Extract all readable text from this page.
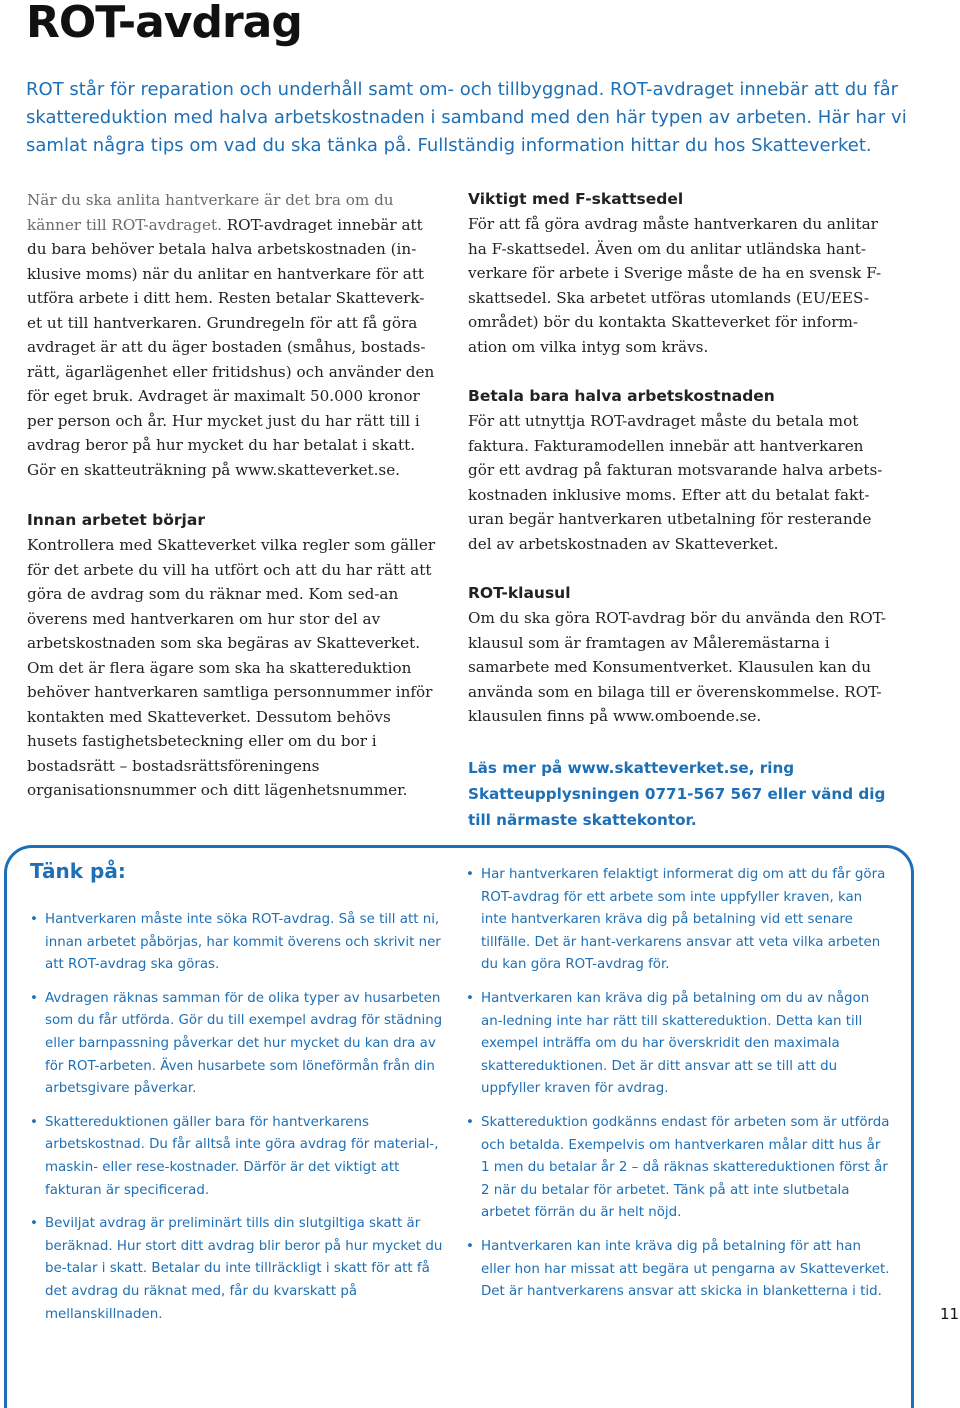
ROT-avdrag
ROT står för reparation och underhåll samt om- och tillbyggnad. ROT-avdraget innebär att du får skattereduktion med halva arbetskostnaden i samband med den här typen av arbeten. Här har vi samlat några tips om vad du ska tänka på. Fullständig information hittar du hos Skatteverket.

När du ska anlita hantverkare är det bra om du känner till ROT-avdraget. ROT-avdraget innebär att du bara behöver betala halva arbetskostnaden (in-klusive moms) när du anlitar en hantverkare för att utföra arbete i ditt hem. Resten betalar Skatteverk-et ut till hantverkaren. Grundregeln för att få göra avdraget är att du äger bostaden (småhus, bostads-rätt, ägarlägenhet eller fritidshus) och använder den för eget bruk. Avdraget är maximalt 50.000 kronor per person och år. Hur mycket just du har rätt till i avdrag beror på hur mycket du har betalat i skatt. Gör en skatteuträkning på www.skatteverket.se.

Innan arbetet börjar

Kontrollera med Skatteverket vilka regler som gäller för det arbete du vill ha utfört och att du har rätt att göra de avdrag som du räknar med. Kom sed-an överens med hantverkaren om hur stor del av arbetskostnaden som ska begäras av Skatteverket. Om det är flera ägare som ska ha skattereduktion behöver hantverkaren samtliga personnummer inför kontakten med Skatteverket. Dessutom behövs husets fastighetsbeteckning eller om du bor i bostadsrätt – bostadsrättsföreningens organisationsnummer och ditt lägenhetsnummer.

Viktigt med F-skattsedel

För att få göra avdrag måste hantverkaren du anlitar ha F-skattsedel. Även om du anlitar utländska hant-verkare för arbete i Sverige måste de ha en svensk F-skattsedel. Ska arbetet utföras utomlands (EU/EES-området) bör du kontakta Skatteverket för inform-ation om vilka intyg som krävs.

Betala bara halva arbetskostnaden

För att utnyttja ROT-avdraget måste du betala mot faktura. Fakturamodellen innebär att hantverkaren gör ett avdrag på fakturan motsvarande halva arbets-kostnaden inklusive moms. Efter att du betalat fakt-uran begär hantverkaren utbetalning för resterande del av arbetskostnaden av Skatteverket.

ROT-klausul

Om du ska göra ROT-avdrag bör du använda den ROT-klausul som är framtagen av Måleremästarna i samarbete med Konsumentverket. Klausulen kan du använda som en bilaga till er överenskommelse. ROT-klausulen finns på www.omboende.se.

Läs mer på www.skatteverket.se, ring Skatteupplysningen 0771-567 567 eller vänd dig till närmaste skattekontor.

Tänk på:

• Hantverkaren måste inte söka ROT-avdrag. Så se till att ni, innan arbetet påbörjas, har kommit överens och skrivit ner att ROT-avdrag ska göras.

• Avdragen räknas samman för de olika typer av husarbeten som du får utförda. Gör du till exempel avdrag för städning eller barnpassning påverkar det hur mycket du kan dra av för ROT-arbeten. Även husarbete som löneförmån från din arbetsgivare påverkar.

• Skattereduktionen gäller bara för hantverkarens arbetskostnad. Du får alltså inte göra avdrag för material-, maskin- eller rese-kostnader. Därför är det viktigt att fakturan är specificerad.

• Beviljat avdrag är preliminärt tills din slutgiltiga skatt är beräknad. Hur stort ditt avdrag blir beror på hur mycket du be-talar i skatt. Betalar du inte tillräckligt i skatt för att få det avdrag du räknat med, får du kvarskatt på mellanskillnaden.

• Har hantverkaren felaktigt informerat dig om att du får göra ROT-avdrag för ett arbete som inte uppfyller kraven, kan inte hantverkaren kräva dig på betalning vid ett senare tillfälle. Det är hant-verkarens ansvar att veta vilka arbeten du kan göra ROT-avdrag för.

• Hantverkaren kan kräva dig på betalning om du av någon an-ledning inte har rätt till skattereduktion. Detta kan till exempel inträffa om du har överskridit den maximala skattereduktionen. Det är ditt ansvar att se till att du uppfyller kraven för avdrag.

• Skattereduktion godkänns endast för arbeten som är utförda och betalda. Exempelvis om hantverkaren målar ditt hus år 1 men du betalar år 2 – då räknas skattereduktionen först år 2 när du betalar för arbetet. Tänk på att inte slutbetala arbetet förrän du är helt nöjd.

• Hantverkaren kan inte kräva dig på betalning för att han eller hon har missat att begära ut pengarna av Skatteverket. Det är hantverkarens ansvar att skicka in blanketterna i tid.

11
